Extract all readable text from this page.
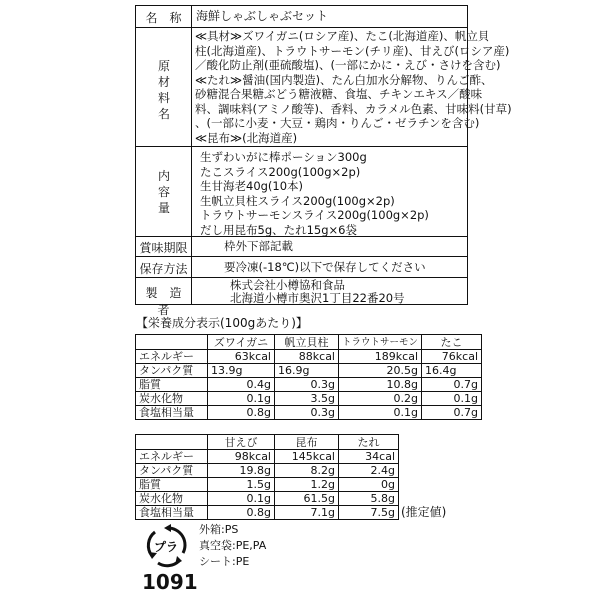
名　称	海鮮しゃぶしゃぶセット
原材料名
≪具材≫ズワイガニ(ロシア産)、たこ(北海道産)、帆立貝
柱(北海道産)、トラウトサーモン(チリ産)、甘えび(ロシア産)
／酸化防止剤(亜硫酸塩)、(一部にかに・えび・さけを含む)
≪たれ≫醤油(国内製造)、たん白加水分解物、りんご酢、
砂糖混合果糖ぶどう糖液糖、食塩、チキンエキス／酸味
料、調味料(アミノ酸等)、香料、カラメル色素、甘味料(甘草)
、(一部に小麦・大豆・鶏肉・りんご・ゼラチンを含む)
≪昆布≫(北海道産)
内容量
生ずわいがに棒ポーション300g
たこスライス200g(100g×2p)
生甘海老40g(10本)
生帆立貝柱スライス200g(100g×2p)
トラウトサーモンスライス200g(100g×2p)
だし用昆布5g、たれ15g×6袋
賞味期限	枠外下部記載
保存方法	要冷凍(-18℃)以下で保存してください
製　造　者
株式会社小樽協和食品
北海道小樽市奥沢1丁目22番20号
【栄養成分表示(100gあたり)】
	ズワイガニ	帆立貝柱	トラウトサーモン	たこ
エネルギー	63kcal	88kcal	189kcal	76kcal
タンパク質	13.9g	16.9g	20.5g	16.4g
脂質	0.4g	0.3g	10.8g	0.7g
炭水化物	0.1g	3.5g	0.2g	0.1g
食塩相当量	0.8g	0.3g	0.1g	0.7g
	甘えび	昆布	たれ
エネルギー	98kcal	145kcal	34cal
タンパク質	19.8g	8.2g	2.4g
脂質	1.5g	1.2g	0g
炭水化物	0.1g	61.5g	5.8g
食塩相当量	0.8g	7.1g	7.5g (推定値)
プラ
外箱:PS
真空袋:PE,PA
シート:PE
1091
